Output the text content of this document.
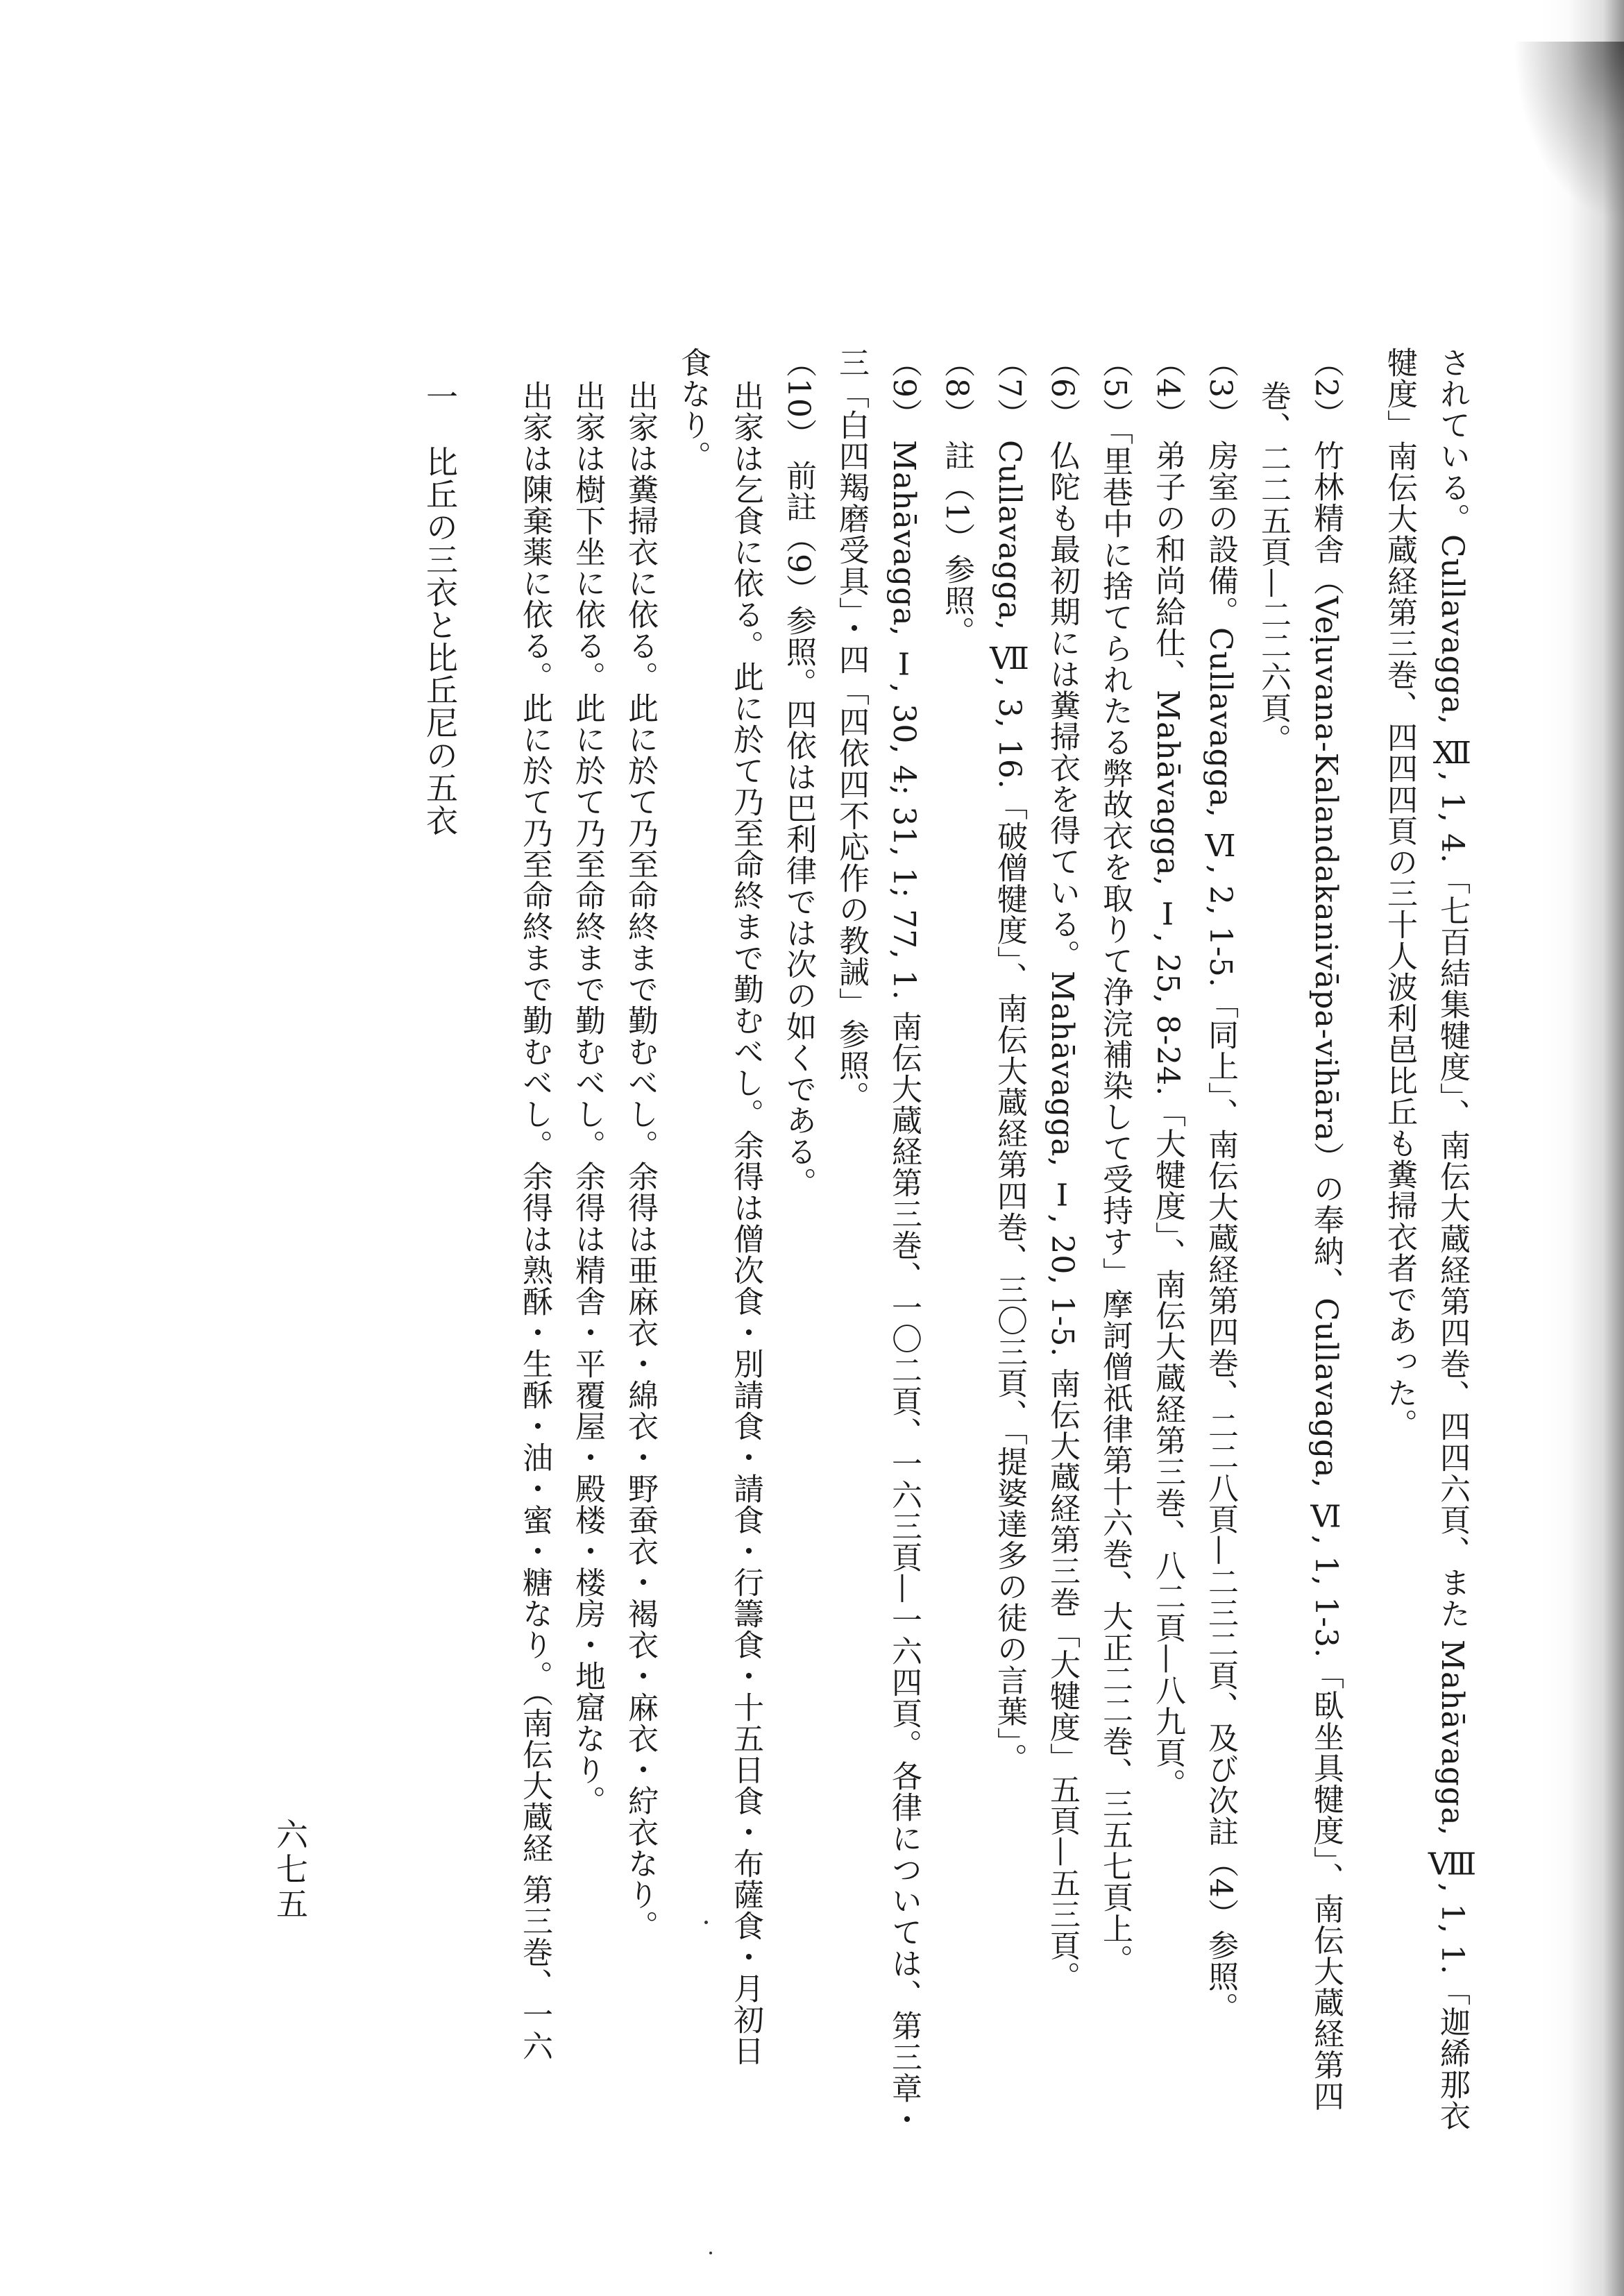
されている。Cullavagga, Ⅻ, 1, 4.「七百結集犍度」、南伝大蔵経第四巻、四四六頁、また Mahāvagga, Ⅷ, 1, 1.「迦絺那衣
犍度」南伝大蔵経第三巻、四四四頁の三十人波利邑比丘も糞掃衣者であった。
（2） 竹林精舎（Veḷuvana-Kalandakanivāpa-vihāra）の奉納、Cullavagga, Ⅵ, 1, 1-3.「臥坐具犍度」、南伝大蔵経第四
巻、二二五頁—二二六頁。
（3） 房室の設備。Cullavagga, Ⅵ, 2, 1-5.「同上」、南伝大蔵経第四巻、二二八頁—二三二頁、及び次註（4）参照。
（4） 弟子の和尚給仕、Mahāvagga, Ⅰ, 25, 8-24.「大犍度」、南伝大蔵経第三巻、八二頁—八九頁。
（5）「里巷中に捨てられたる弊故衣を取りて浄浣補染して受持す」摩訶僧祇律第十六巻、大正二二巻、三五七頁上。
（6） 仏陀も最初期には糞掃衣を得ている。Mahāvagga, Ⅰ, 20, 1-5. 南伝大蔵経第三巻「大犍度」五頁—五三頁。
（7） Cullavagga, Ⅶ, 3, 16.「破僧犍度」、南伝大蔵経第四巻、三〇三頁、「提婆達多の徒の言葉」。
（8） 註（1）参照。
（9） Mahāvagga, Ⅰ, 30, 4; 31, 1; 77, 1. 南伝大蔵経第三巻、一〇二頁、一六三頁—一六四頁。各律については、第三章・
三「白四羯磨受具」・四「四依四不応作の教誡」参照。
（10） 前註（9）参照。四依は巴利律では次の如くである。
出家は乞食に依る。此に於て乃至命終まで勤むべし。余得は僧次食・別請食・請食・行籌食・十五日食・布薩食・月初日
食なり。
出家は糞掃衣に依る。此に於て乃至命終まで勤むべし。余得は亜麻衣・綿衣・野蚕衣・褐衣・麻衣・紵衣なり。
出家は樹下坐に依る。此に於て乃至命終まで勤むべし。余得は精舎・平覆屋・殿楼・楼房・地窟なり。
出家は陳棄薬に依る。此に於て乃至命終まで勤むべし。余得は熟酥・生酥・油・蜜・糖なり。（南伝大蔵経 第三巻、一六
一　比丘の三衣と比丘尼の五衣
六七五
